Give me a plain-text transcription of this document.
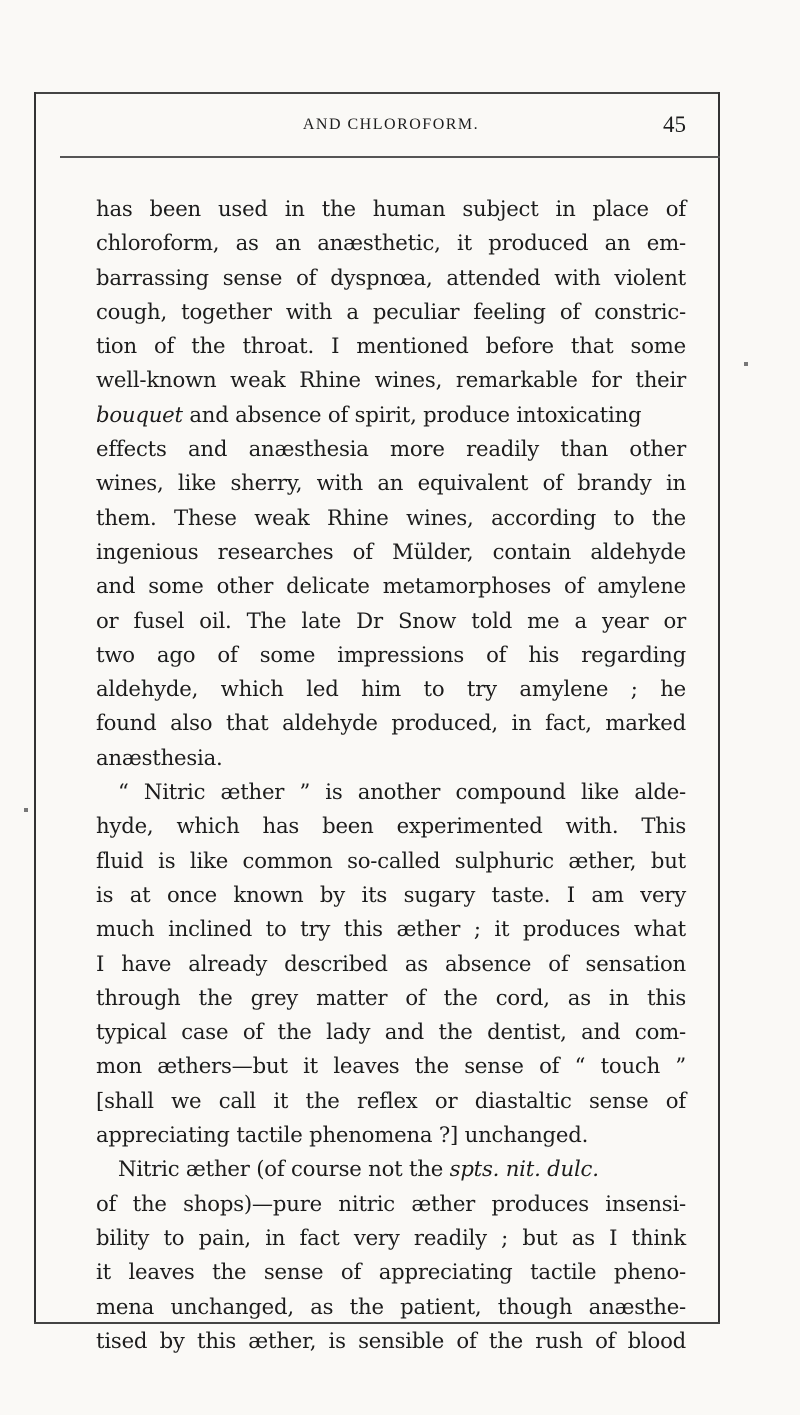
AND CHLOROFORM.	45
has been used in the human subject in place of
chloroform, as an anæsthetic, it produced an em-
barrassing sense of dyspnœa, attended with violent
cough, together with a peculiar feeling of constric-
tion of the throat. I mentioned before that some
well-known weak Rhine wines, remarkable for their
bouquet and absence of spirit, produce intoxicating
effects and anæsthesia more readily than other
wines, like sherry, with an equivalent of brandy in
them. These weak Rhine wines, according to the
ingenious researches of Mülder, contain aldehyde
and some other delicate metamorphoses of amylene
or fusel oil. The late Dr Snow told me a year or
two ago of some impressions of his regarding
aldehyde, which led him to try amylene ; he
found also that aldehyde produced, in fact, marked
anæsthesia.
“ Nitric æther ” is another compound like alde-
hyde, which has been experimented with. This
fluid is like common so-called sulphuric æther, but
is at once known by its sugary taste. I am very
much inclined to try this æther ; it produces what
I have already described as absence of sensation
through the grey matter of the cord, as in this
typical case of the lady and the dentist, and com-
mon æthers—but it leaves the sense of “ touch ”
[shall we call it the reflex or diastaltic sense of
appreciating tactile phenomena ?] unchanged.
Nitric æther (of course not the spts. nit. dulc.
of the shops)—pure nitric æther produces insensi-
bility to pain, in fact very readily ; but as I think
it leaves the sense of appreciating tactile pheno-
mena unchanged, as the patient, though anæsthe-
tised by this æther, is sensible of the rush of blood
